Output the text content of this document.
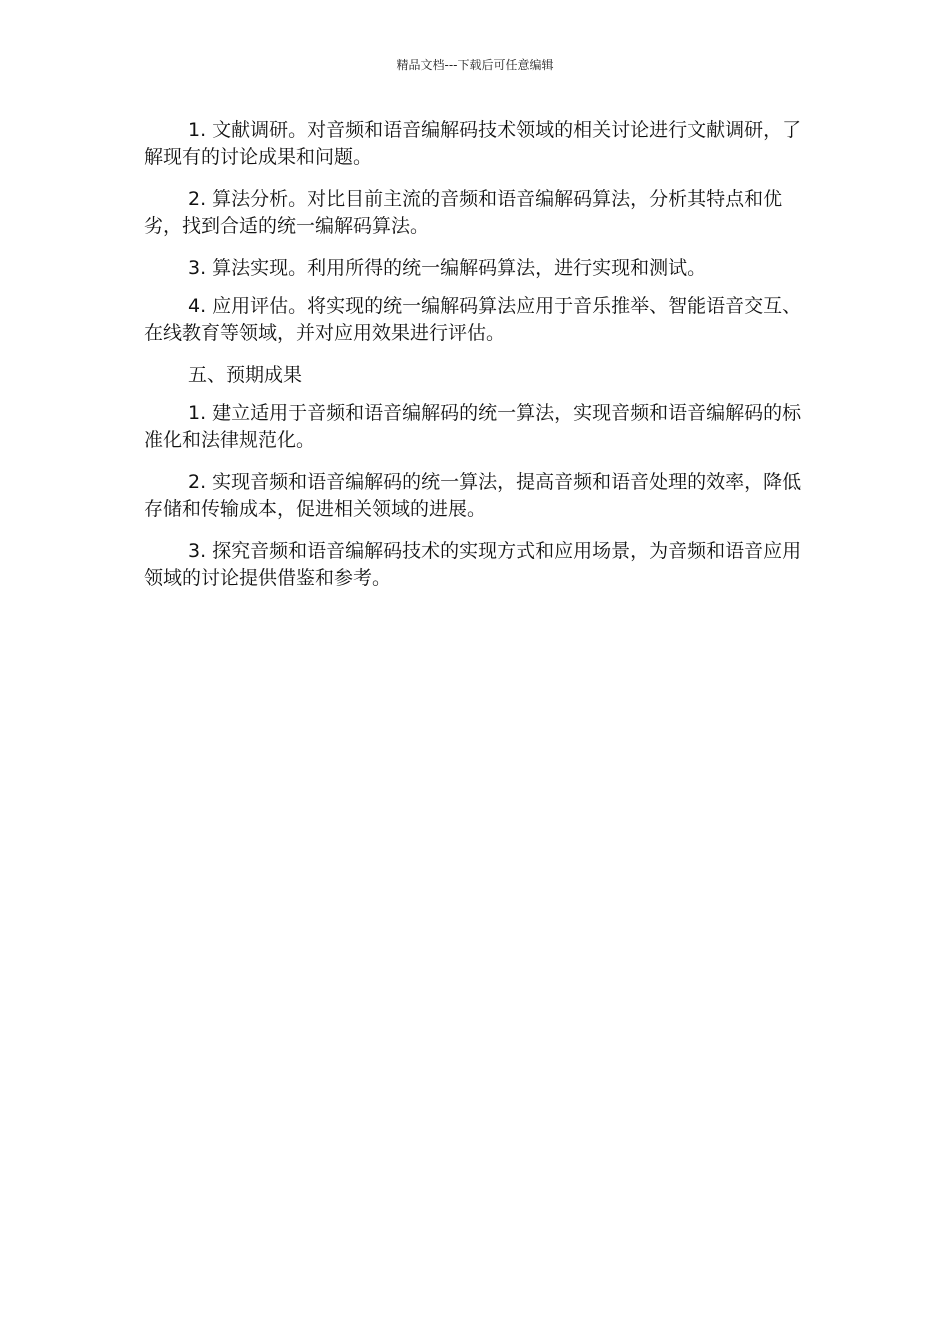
精品文档---下载后可任意编辑

1. 文献调研。对音频和语音编解码技术领域的相关讨论进行文献调研，了解现有的讨论成果和问题。

2. 算法分析。对比目前主流的音频和语音编解码算法，分析其特点和优劣，找到合适的统一编解码算法。

3. 算法实现。利用所得的统一编解码算法，进行实现和测试。

4. 应用评估。将实现的统一编解码算法应用于音乐推举、智能语音交互、在线教育等领域，并对应用效果进行评估。

五、预期成果

1. 建立适用于音频和语音编解码的统一算法，实现音频和语音编解码的标准化和法律规范化。

2. 实现音频和语音编解码的统一算法，提高音频和语音处理的效率，降低存储和传输成本，促进相关领域的进展。

3. 探究音频和语音编解码技术的实现方式和应用场景，为音频和语音应用领域的讨论提供借鉴和参考。
